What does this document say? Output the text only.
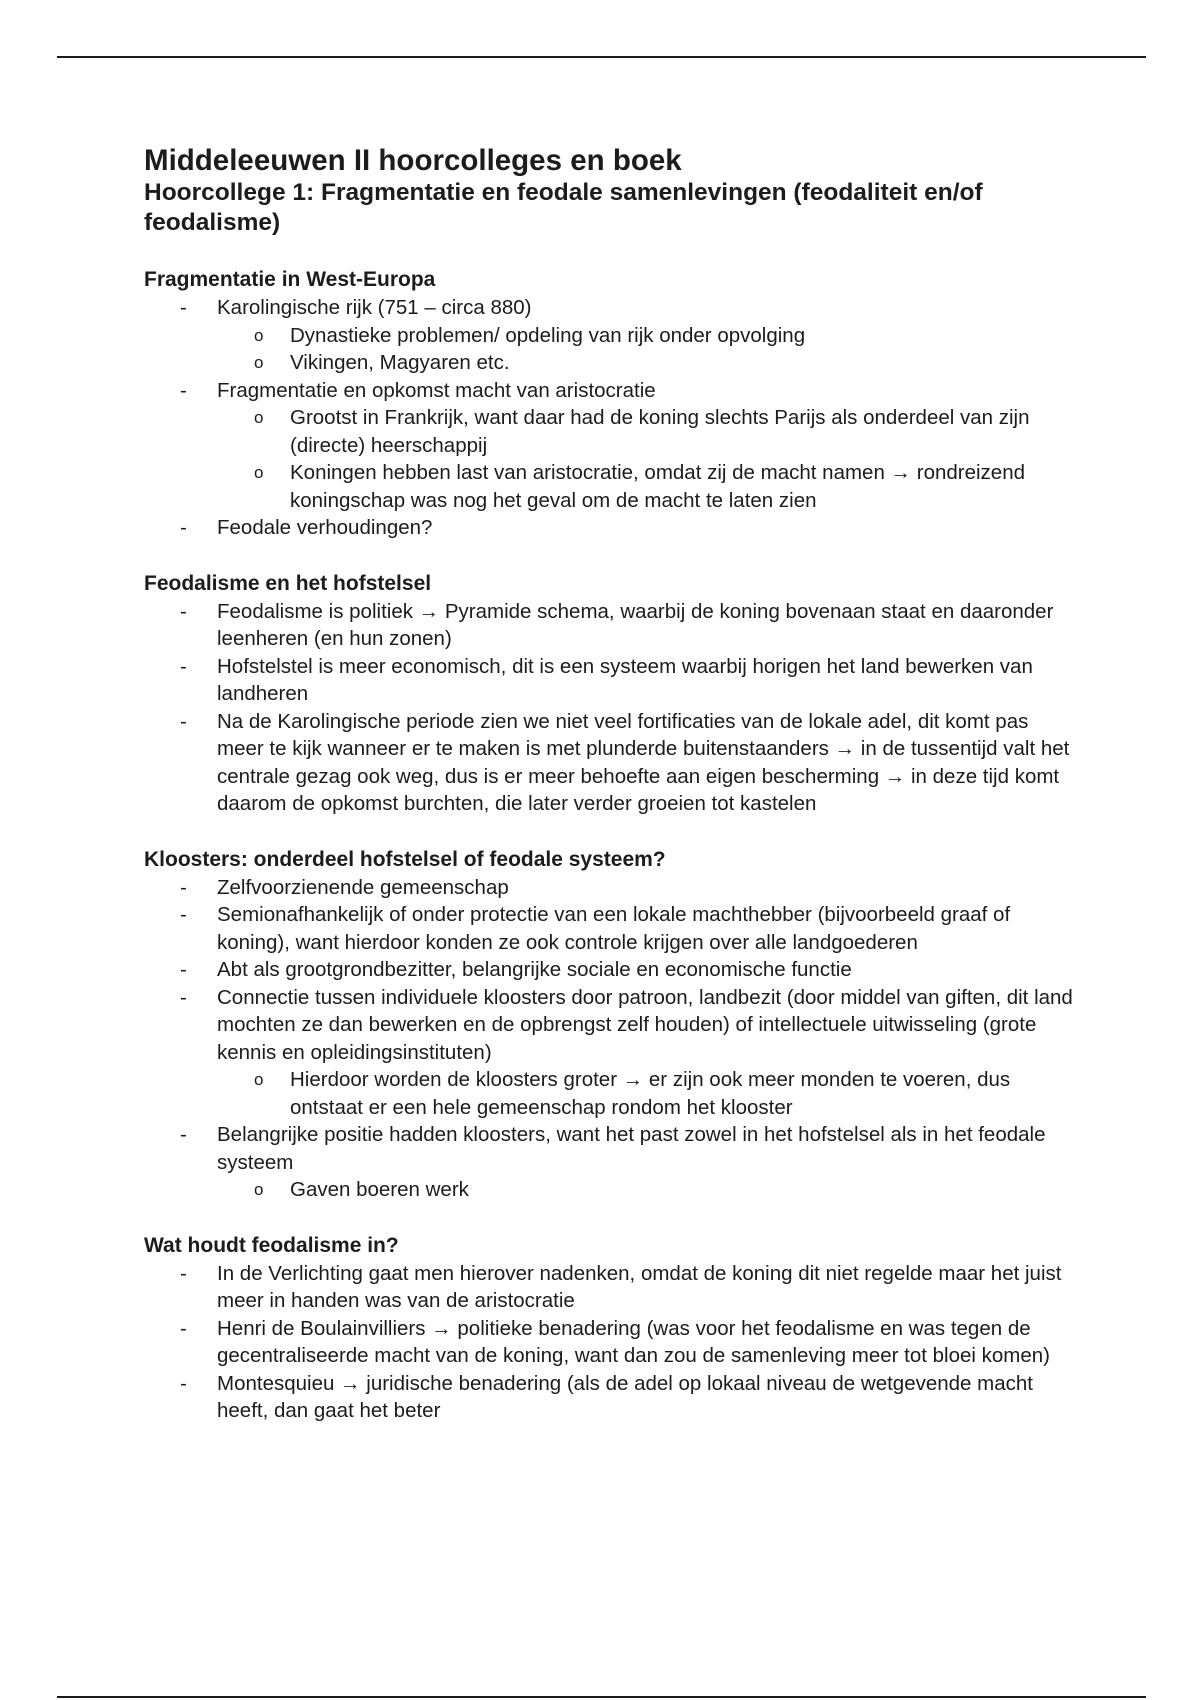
Middeleeuwen II hoorcolleges en boek
Hoorcollege 1: Fragmentatie en feodale samenlevingen (feodaliteit en/of feodalisme)
Fragmentatie in West-Europa
- Karolingische rijk (751 – circa 880)
o Dynastieke problemen/ opdeling van rijk onder opvolging
o Vikingen, Magyaren etc.
- Fragmentatie en opkomst macht van aristocratie
o Grootst in Frankrijk, want daar had de koning slechts Parijs als onderdeel van zijn (directe) heerschappij
o Koningen hebben last van aristocratie, omdat zij de macht namen → rondreizend koningschap was nog het geval om de macht te laten zien
- Feodale verhoudingen?
Feodalisme en het hofstelsel
- Feodalisme is politiek → Pyramide schema, waarbij de koning bovenaan staat en daaronder leenheren (en hun zonen)
- Hofstelstel is meer economisch, dit is een systeem waarbij horigen het land bewerken van landheren
- Na de Karolingische periode zien we niet veel fortificaties van de lokale adel, dit komt pas meer te kijk wanneer er te maken is met plunderde buitenstaanders → in de tussentijd valt het centrale gezag ook weg, dus is er meer behoefte aan eigen bescherming → in deze tijd komt daarom de opkomst burchten, die later verder groeien tot kastelen
Kloosters: onderdeel hofstelsel of feodale systeem?
- Zelfvoorzienende gemeenschap
- Semionafhankelijk of onder protectie van een lokale machthebber (bijvoorbeeld graaf of koning), want hierdoor konden ze ook controle krijgen over alle landgoederen
- Abt als grootgrondbezitter, belangrijke sociale en economische functie
- Connectie tussen individuele kloosters door patroon, landbezit (door middel van giften, dit land mochten ze dan bewerken en de opbrengst zelf houden) of intellectuele uitwisseling (grote kennis en opleidingsinstituten)
o Hierdoor worden de kloosters groter → er zijn ook meer monden te voeren, dus ontstaat er een hele gemeenschap rondom het klooster
- Belangrijke positie hadden kloosters, want het past zowel in het hofstelsel als in het feodale systeem
o Gaven boeren werk
Wat houdt feodalisme in?
- In de Verlichting gaat men hierover nadenken, omdat de koning dit niet regelde maar het juist meer in handen was van de aristocratie
- Henri de Boulainvilliers → politieke benadering (was voor het feodalisme en was tegen de gecentraliseerde macht van de koning, want dan zou de samenleving meer tot bloei komen)
- Montesquieu → juridische benadering (als de adel op lokaal niveau de wetgevende macht heeft, dan gaat het beter
